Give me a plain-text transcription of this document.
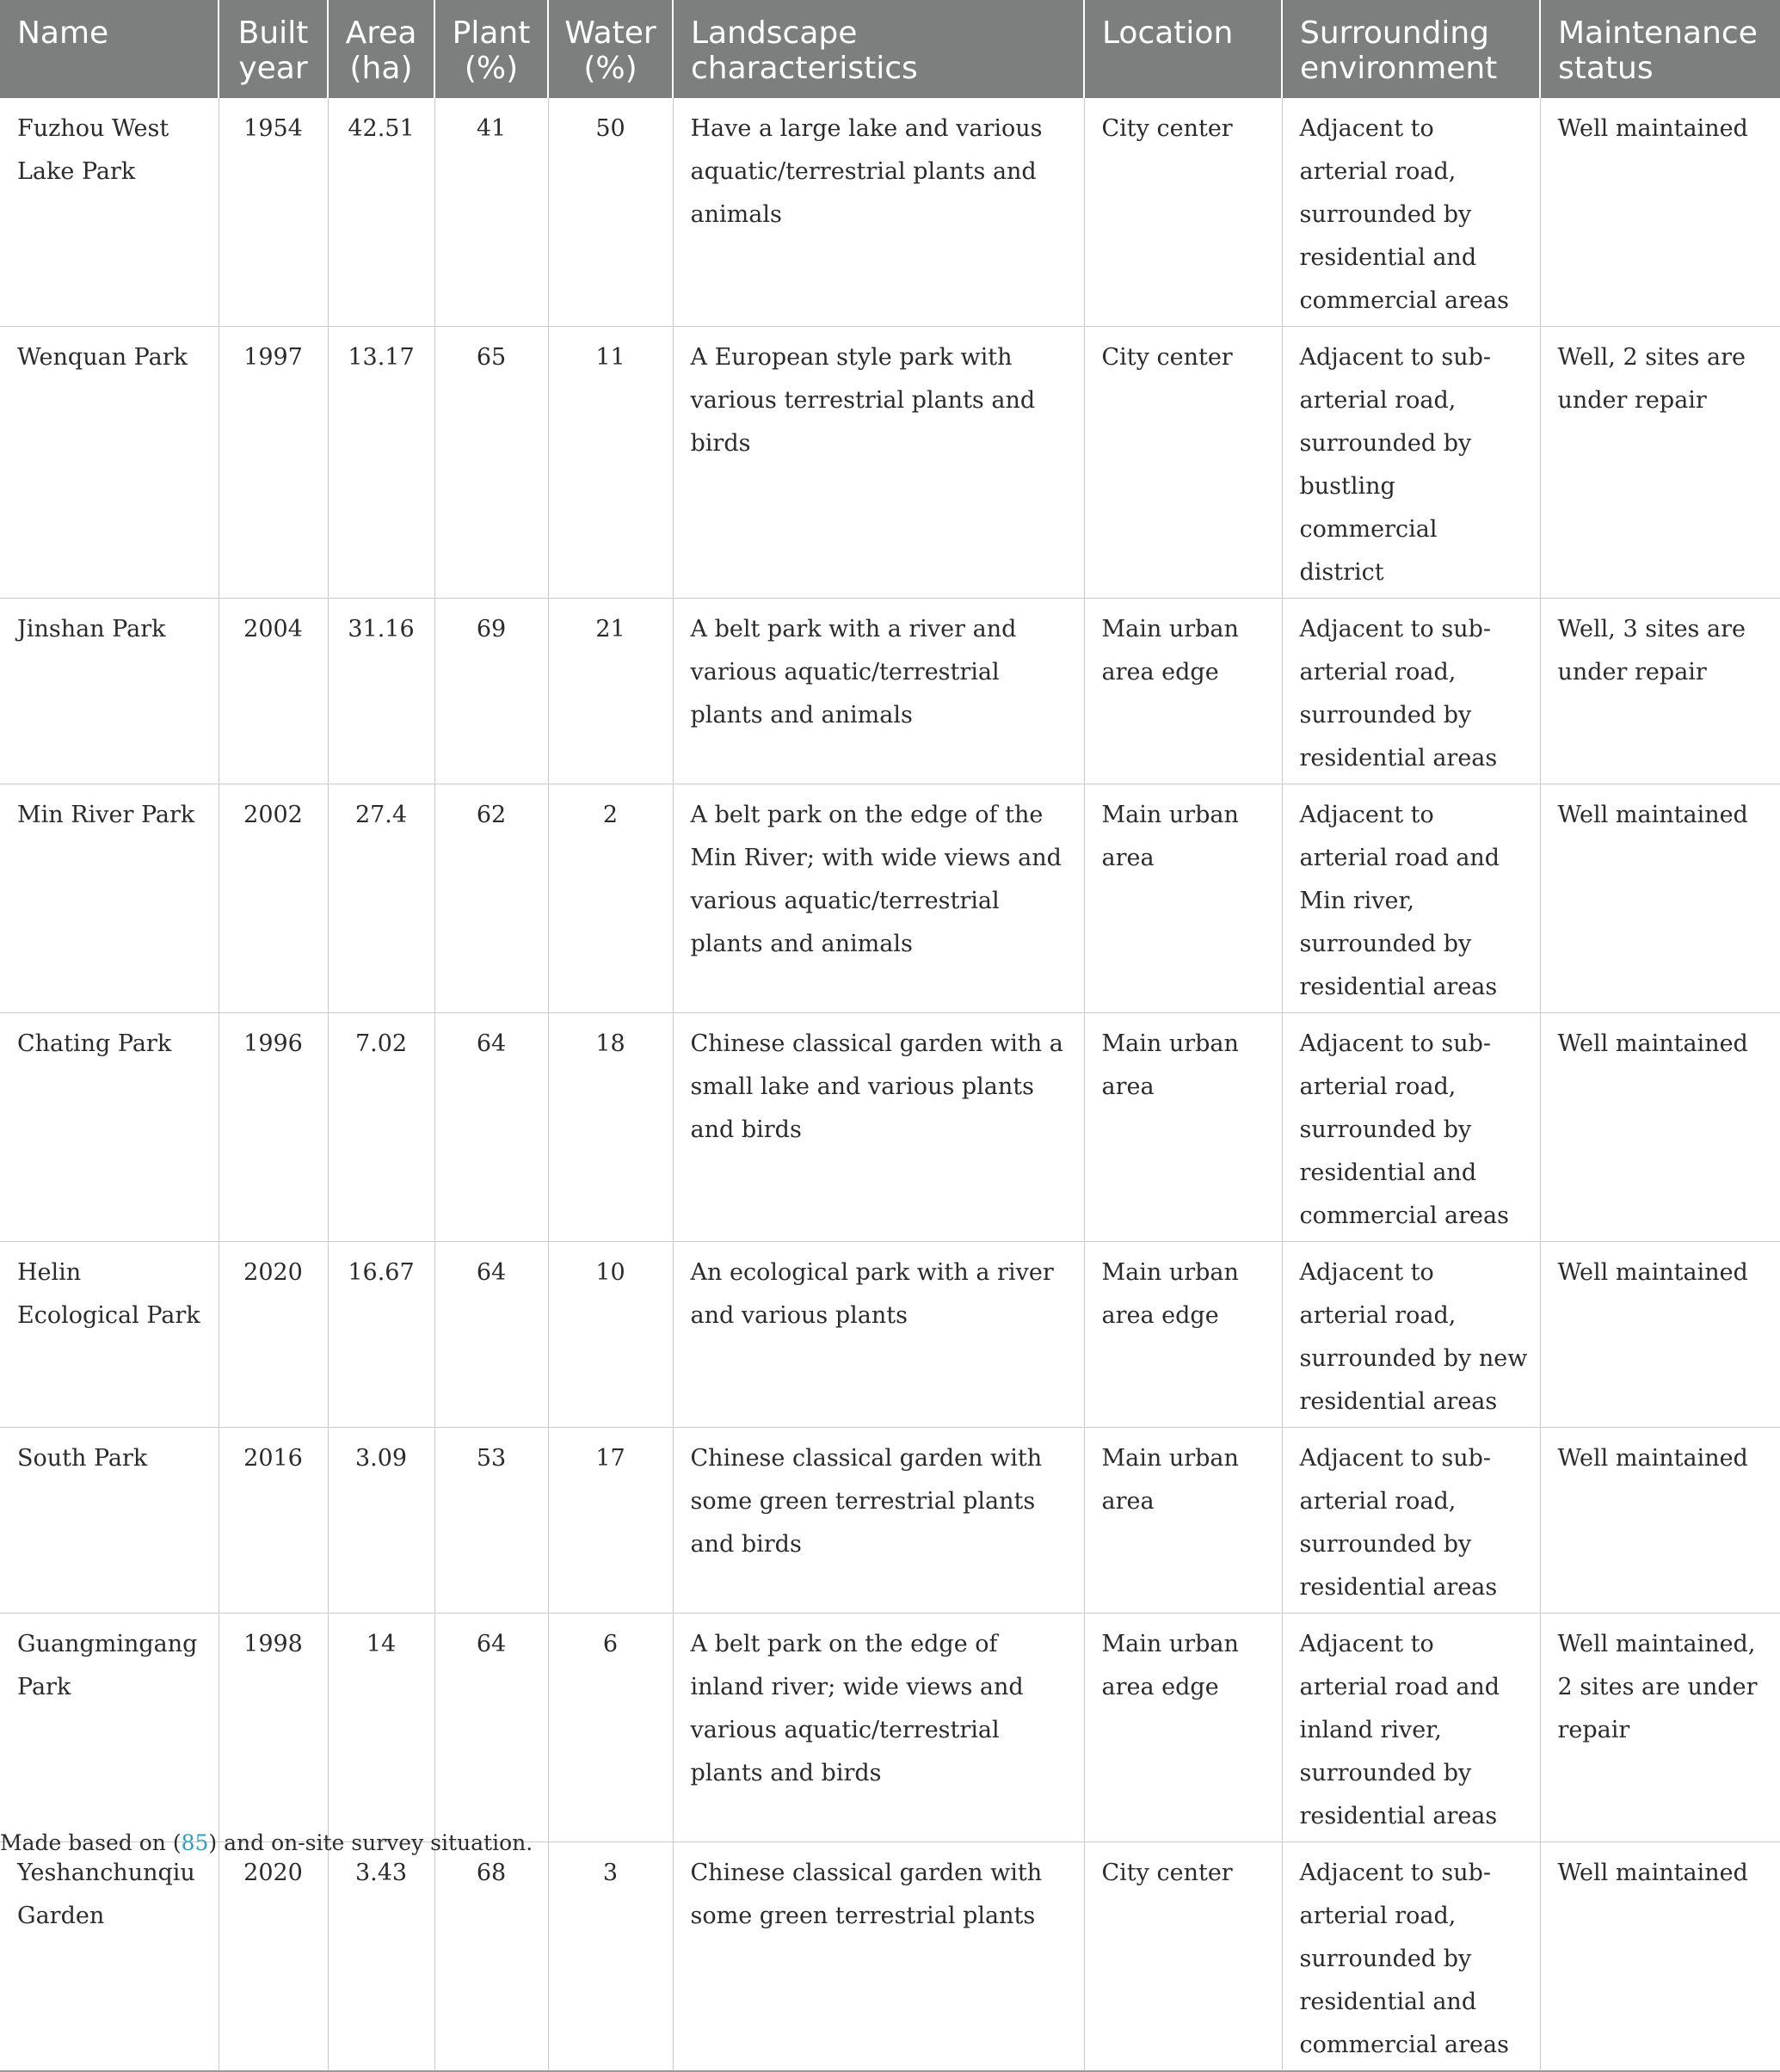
Name	Built year	Area (ha)	Plant (%)	Water (%)	Landscape characteristics	Location	Surrounding environment	Maintenance status
Fuzhou West Lake Park	1954	42.51	41	50	Have a large lake and various aquatic/terrestrial plants and animals	City center	Adjacent to arterial road, surrounded by residential and commercial areas	Well maintained
Wenquan Park	1997	13.17	65	11	A European style park with various terrestrial plants and birds	City center	Adjacent to sub-arterial road, surrounded by bustling commercial district	Well, 2 sites are under repair
Jinshan Park	2004	31.16	69	21	A belt park with a river and various aquatic/terrestrial plants and animals	Main urban area edge	Adjacent to sub-arterial road, surrounded by residential areas	Well, 3 sites are under repair
Min River Park	2002	27.4	62	2	A belt park on the edge of the Min River; with wide views and various aquatic/terrestrial plants and animals	Main urban area	Adjacent to arterial road and Min river, surrounded by residential areas	Well maintained
Chating Park	1996	7.02	64	18	Chinese classical garden with a small lake and various plants and birds	Main urban area	Adjacent to sub-arterial road, surrounded by residential and commercial areas	Well maintained
Helin Ecological Park	2020	16.67	64	10	An ecological park with a river and various plants	Main urban area edge	Adjacent to arterial road, surrounded by new residential areas	Well maintained
South Park	2016	3.09	53	17	Chinese classical garden with some green terrestrial plants and birds	Main urban area	Adjacent to sub-arterial road, surrounded by residential areas	Well maintained
Guangmingang Park	1998	14	64	6	A belt park on the edge of inland river; wide views and various aquatic/terrestrial plants and birds	Main urban area edge	Adjacent to arterial road and inland river, surrounded by residential areas	Well maintained, 2 sites are under repair
Yeshanchunqiu Garden	2020	3.43	68	3	Chinese classical garden with some green terrestrial plants	City center	Adjacent to sub-arterial road, surrounded by residential and commercial areas	Well maintained
Made based on (85) and on-site survey situation.
